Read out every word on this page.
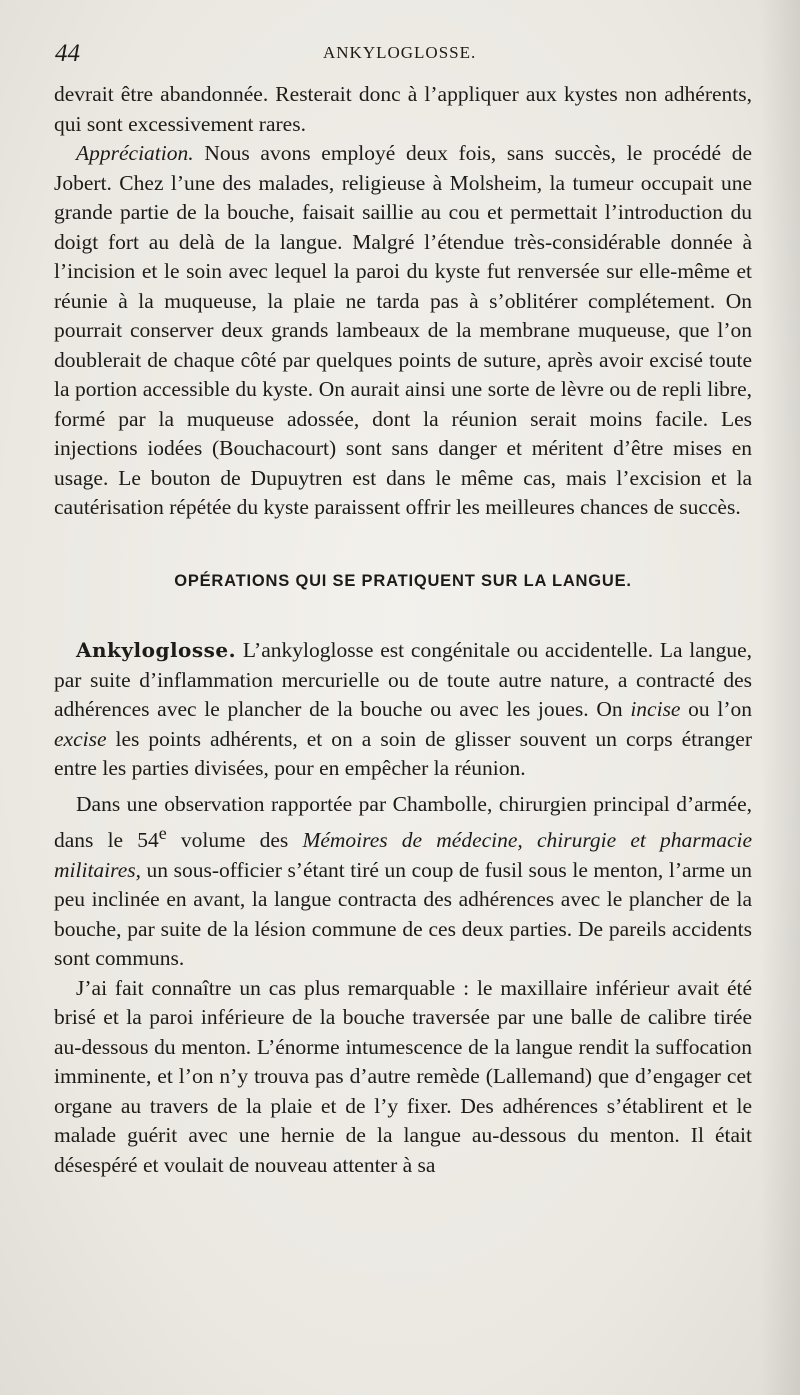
44	ANKYLOGLOSSE.

devrait être abandonnée. Resterait donc à l’appliquer aux kystes non adhérents, qui sont excessivement rares.

Appréciation. Nous avons employé deux fois, sans succès, le procédé de Jobert. Chez l’une des malades, religieuse à Molsheim, la tumeur occupait une grande partie de la bouche, faisait saillie au cou et permettait l’introduction du doigt fort au delà de la langue. Malgré l’étendue très-considérable donnée à l’incision et le soin avec lequel la paroi du kyste fut renversée sur elle-même et réunie à la muqueuse, la plaie ne tarda pas à s’oblitérer complétement. On pourrait conserver deux grands lambeaux de la membrane muqueuse, que l’on doublerait de chaque côté par quelques points de suture, après avoir excisé toute la portion accessible du kyste. On aurait ainsi une sorte de lèvre ou de repli libre, formé par la muqueuse adossée, dont la réunion serait moins facile. Les injections iodées (Bouchacourt) sont sans danger et méritent d’être mises en usage. Le bouton de Dupuytren est dans le même cas, mais l’excision et la cautérisation répétée du kyste paraissent offrir les meilleures chances de succès.

OPÉRATIONS QUI SE PRATIQUENT SUR LA LANGUE.

Ankyloglosse. L’ankyloglosse est congénitale ou accidentelle. La langue, par suite d’inflammation mercurielle ou de toute autre nature, a contracté des adhérences avec le plancher de la bouche ou avec les joues. On incise ou l’on excise les points adhérents, et on a soin de glisser souvent un corps étranger entre les parties divisées, pour en empêcher la réunion.

Dans une observation rapportée par Chambolle, chirurgien principal d’armée, dans le 54e volume des Mémoires de médecine, chirurgie et pharmacie militaires, un sous-officier s’étant tiré un coup de fusil sous le menton, l’arme un peu inclinée en avant, la langue contracta des adhérences avec le plancher de la bouche, par suite de la lésion commune de ces deux parties. De pareils accidents sont communs.

J’ai fait connaître un cas plus remarquable : le maxillaire inférieur avait été brisé et la paroi inférieure de la bouche traversée par une balle de calibre tirée au-dessous du menton. L’énorme intumescence de la langue rendit la suffocation imminente, et l’on n’y trouva pas d’autre remède (Lallemand) que d’engager cet organe au travers de la plaie et de l’y fixer. Des adhérences s’établirent et le malade guérit avec une hernie de la langue au-dessous du menton. Il était désespéré et voulait de nouveau attenter à sa
